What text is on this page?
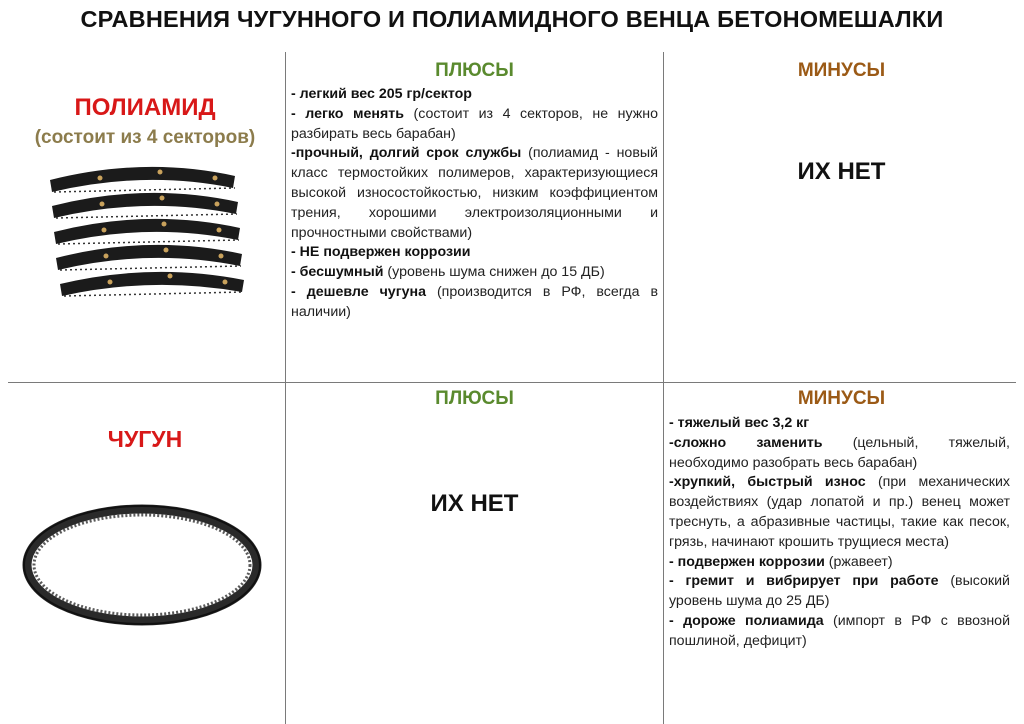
СРАВНЕНИЯ ЧУГУННОГО И ПОЛИАМИДНОГО ВЕНЦА БЕТОНОМЕШАЛКИ
ПОЛИАМИД
(состоит из 4 секторов)
ПЛЮСЫ	МИНУСЫ

- легкий вес 205 гр/сектор

- легко менять (состоит из 4 секторов, не нужно разбирать весь барабан)

-прочный, долгий срок службы (полиамид - новый класс термостойких полимеров, характеризующиеся высокой износостойкостью, низким коэффициентом трения, хорошими электроизоляционными и прочностными свойствами)

- НЕ подвержен коррозии

- бесшумный (уровень шума снижен до 15 ДБ)

- дешевле чугуна (производится в РФ, всегда в наличии)

ИХ НЕТ
ЧУГУН
ПЛЮСЫ	МИНУСЫ
ИХ НЕТ

- тяжелый вес 3,2 кг

-сложно заменить (цельный, тяжелый, необходимо разобрать весь барабан)

-хрупкий, быстрый износ (при механических воздействиях (удар лопатой и пр.) венец может треснуть, а абразивные частицы, такие как песок, грязь, начинают крошить трущиеся места)

- подвержен коррозии (ржавеет)

- гремит и вибрирует при работе (высокий уровень шума до 25 ДБ)

- дороже полиамида (импорт в РФ с ввозной пошлиной, дефицит)
